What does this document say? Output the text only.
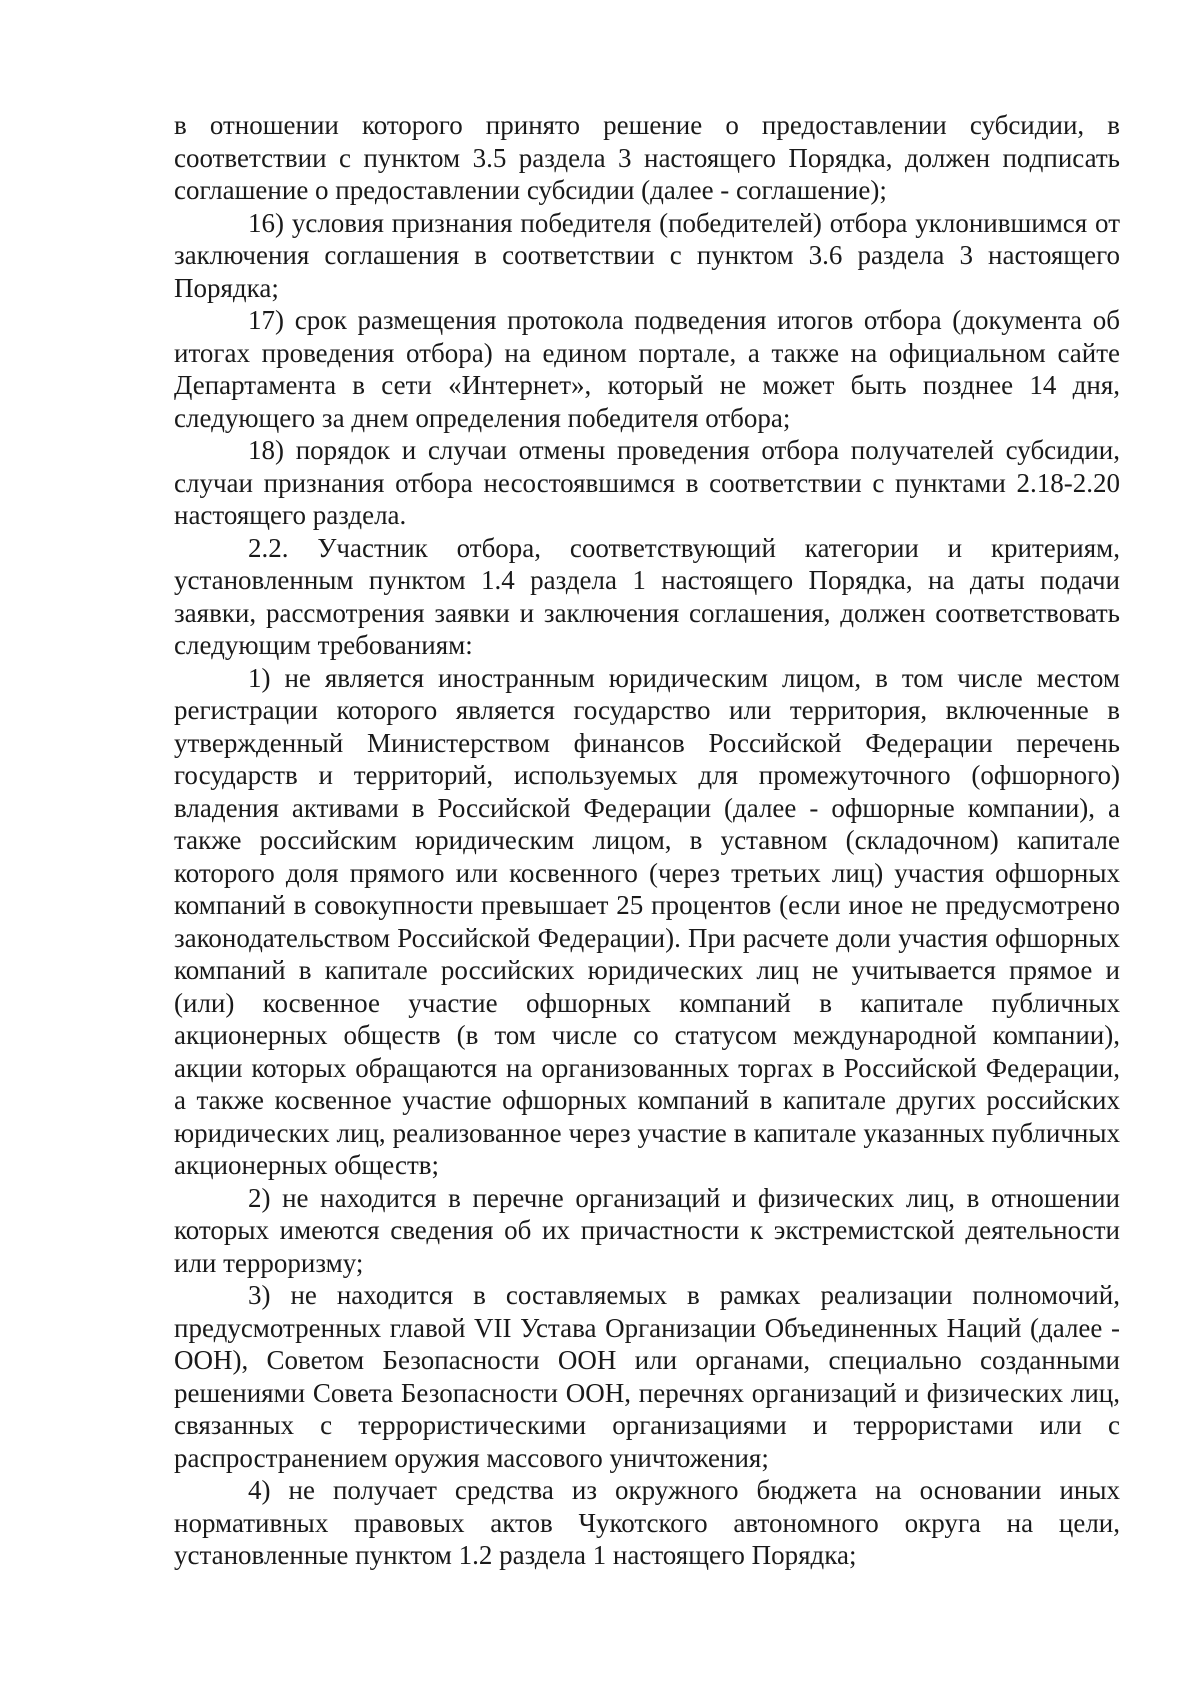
в отношении которого принято решение о предоставлении субсидии, в соответствии с пунктом 3.5 раздела 3 настоящего Порядка, должен подписать соглашение о предоставлении субсидии (далее - соглашение);

16) условия признания победителя (победителей) отбора уклонившимся от заключения соглашения в соответствии с пунктом 3.6 раздела 3 настоящего Порядка;

17) срок размещения протокола подведения итогов отбора (документа об итогах проведения отбора) на едином портале, а также на официальном сайте Департамента в сети «Интернет», который не может быть позднее 14 дня, следующего за днем определения победителя отбора;

18) порядок и случаи отмены проведения отбора получателей субсидии, случаи признания отбора несостоявшимся в соответствии с пунктами 2.18-2.20 настоящего раздела.

2.2. Участник отбора, соответствующий категории и критериям, установленным пунктом 1.4 раздела 1 настоящего Порядка, на даты подачи заявки, рассмотрения заявки и заключения соглашения, должен соответствовать следующим требованиям:

1) не является иностранным юридическим лицом, в том числе местом регистрации которого является государство или территория, включенные в утвержденный Министерством финансов Российской Федерации перечень государств и территорий, используемых для промежуточного (офшорного) владения активами в Российской Федерации (далее - офшорные компании), а также российским юридическим лицом, в уставном (складочном) капитале которого доля прямого или косвенного (через третьих лиц) участия офшорных компаний в совокупности превышает 25 процентов (если иное не предусмотрено законодательством Российской Федерации). При расчете доли участия офшорных компаний в капитале российских юридических лиц не учитывается прямое и (или) косвенное участие офшорных компаний в капитале публичных акционерных обществ (в том числе со статусом международной компании), акции которых обращаются на организованных торгах в Российской Федерации, а также косвенное участие офшорных компаний в капитале других российских юридических лиц, реализованное через участие в капитале указанных публичных акционерных обществ;

2) не находится в перечне организаций и физических лиц, в отношении которых имеются сведения об их причастности к экстремистской деятельности или терроризму;

3) не находится в составляемых в рамках реализации полномочий, предусмотренных главой VII Устава Организации Объединенных Наций (далее - ООН), Советом Безопасности ООН или органами, специально созданными решениями Совета Безопасности ООН, перечнях организаций и физических лиц, связанных с террористическими организациями и террористами или с распространением оружия массового уничтожения;

4) не получает средства из окружного бюджета на основании иных нормативных правовых актов Чукотского автономного округа на цели, установленные пунктом 1.2 раздела 1 настоящего Порядка;
